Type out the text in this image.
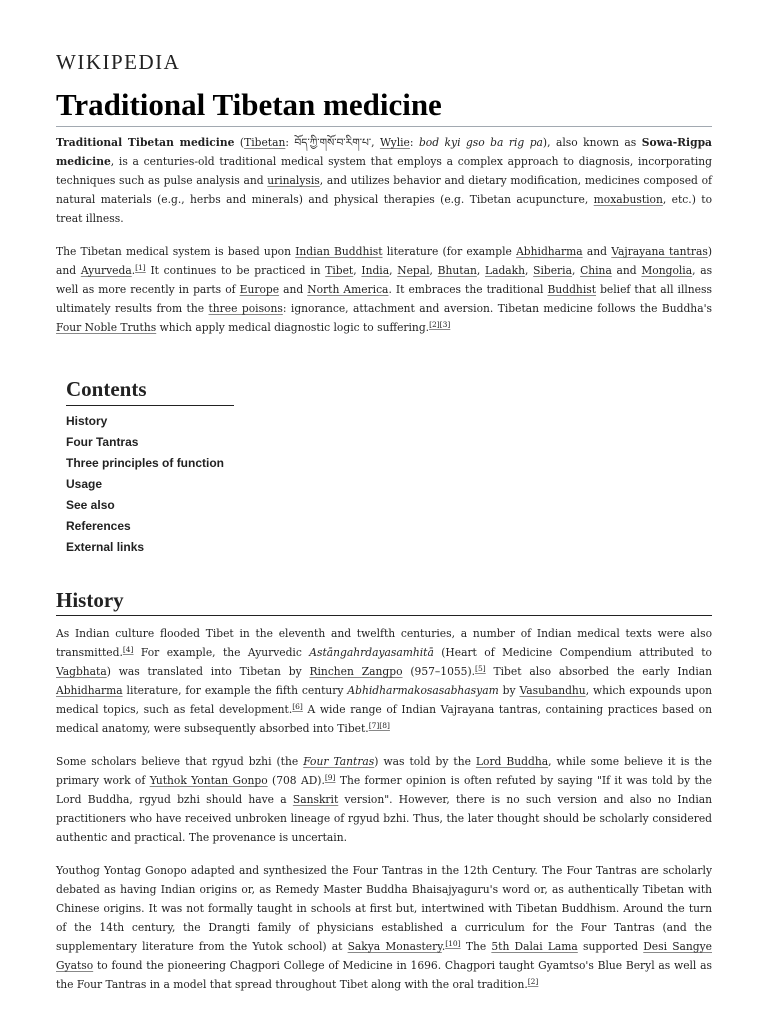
WIKIPEDIA
Traditional Tibetan medicine

Traditional Tibetan medicine (Tibetan: བོད་ཀྱི་གསོ་བ་རིག་པ་, Wylie: bod kyi gso ba rig pa), also known as Sowa-Rigpa medicine, is a centuries-old traditional medical system that employs a complex approach to diagnosis, incorporating techniques such as pulse analysis and urinalysis, and utilizes behavior and dietary modification, medicines composed of natural materials (e.g., herbs and minerals) and physical therapies (e.g. Tibetan acupuncture, moxabustion, etc.) to treat illness.

The Tibetan medical system is based upon Indian Buddhist literature (for example Abhidharma and Vajrayana tantras) and Ayurveda.[1] It continues to be practiced in Tibet, India, Nepal, Bhutan, Ladakh, Siberia, China and Mongolia, as well as more recently in parts of Europe and North America. It embraces the traditional Buddhist belief that all illness ultimately results from the three poisons: ignorance, attachment and aversion. Tibetan medicine follows the Buddha's Four Noble Truths which apply medical diagnostic logic to suffering.[2][3]

Contents
History
Four Tantras
Three principles of function
Usage
See also
References
External links
History

As Indian culture flooded Tibet in the eleventh and twelfth centuries, a number of Indian medical texts were also transmitted.[4] For example, the Ayurvedic Astāngahrdayasamhitā (Heart of Medicine Compendium attributed to Vagbhata) was translated into Tibetan by Rinchen Zangpo (957–1055).[5] Tibet also absorbed the early Indian Abhidharma literature, for example the fifth century Abhidharmakosasabhasyam by Vasubandhu, which expounds upon medical topics, such as fetal development.[6] A wide range of Indian Vajrayana tantras, containing practices based on medical anatomy, were subsequently absorbed into Tibet.[7][8]

Some scholars believe that rgyud bzhi (the Four Tantras) was told by the Lord Buddha, while some believe it is the primary work of Yuthok Yontan Gonpo (708 AD).[9] The former opinion is often refuted by saying "If it was told by the Lord Buddha, rgyud bzhi should have a Sanskrit version". However, there is no such version and also no Indian practitioners who have received unbroken lineage of rgyud bzhi. Thus, the later thought should be scholarly considered authentic and practical. The provenance is uncertain.

Youthog Yontag Gonopo adapted and synthesized the Four Tantras in the 12th Century. The Four Tantras are scholarly debated as having Indian origins or, as Remedy Master Buddha Bhaisajyaguru's word or, as authentically Tibetan with Chinese origins. It was not formally taught in schools at first but, intertwined with Tibetan Buddhism. Around the turn of the 14th century, the Drangti family of physicians established a curriculum for the Four Tantras (and the supplementary literature from the Yutok school) at Sakya Monastery.[10] The 5th Dalai Lama supported Desi Sangye Gyatso to found the pioneering Chagpori College of Medicine in 1696. Chagpori taught Gyamtso's Blue Beryl as well as the Four Tantras in a model that spread throughout Tibet along with the oral tradition.[2]
